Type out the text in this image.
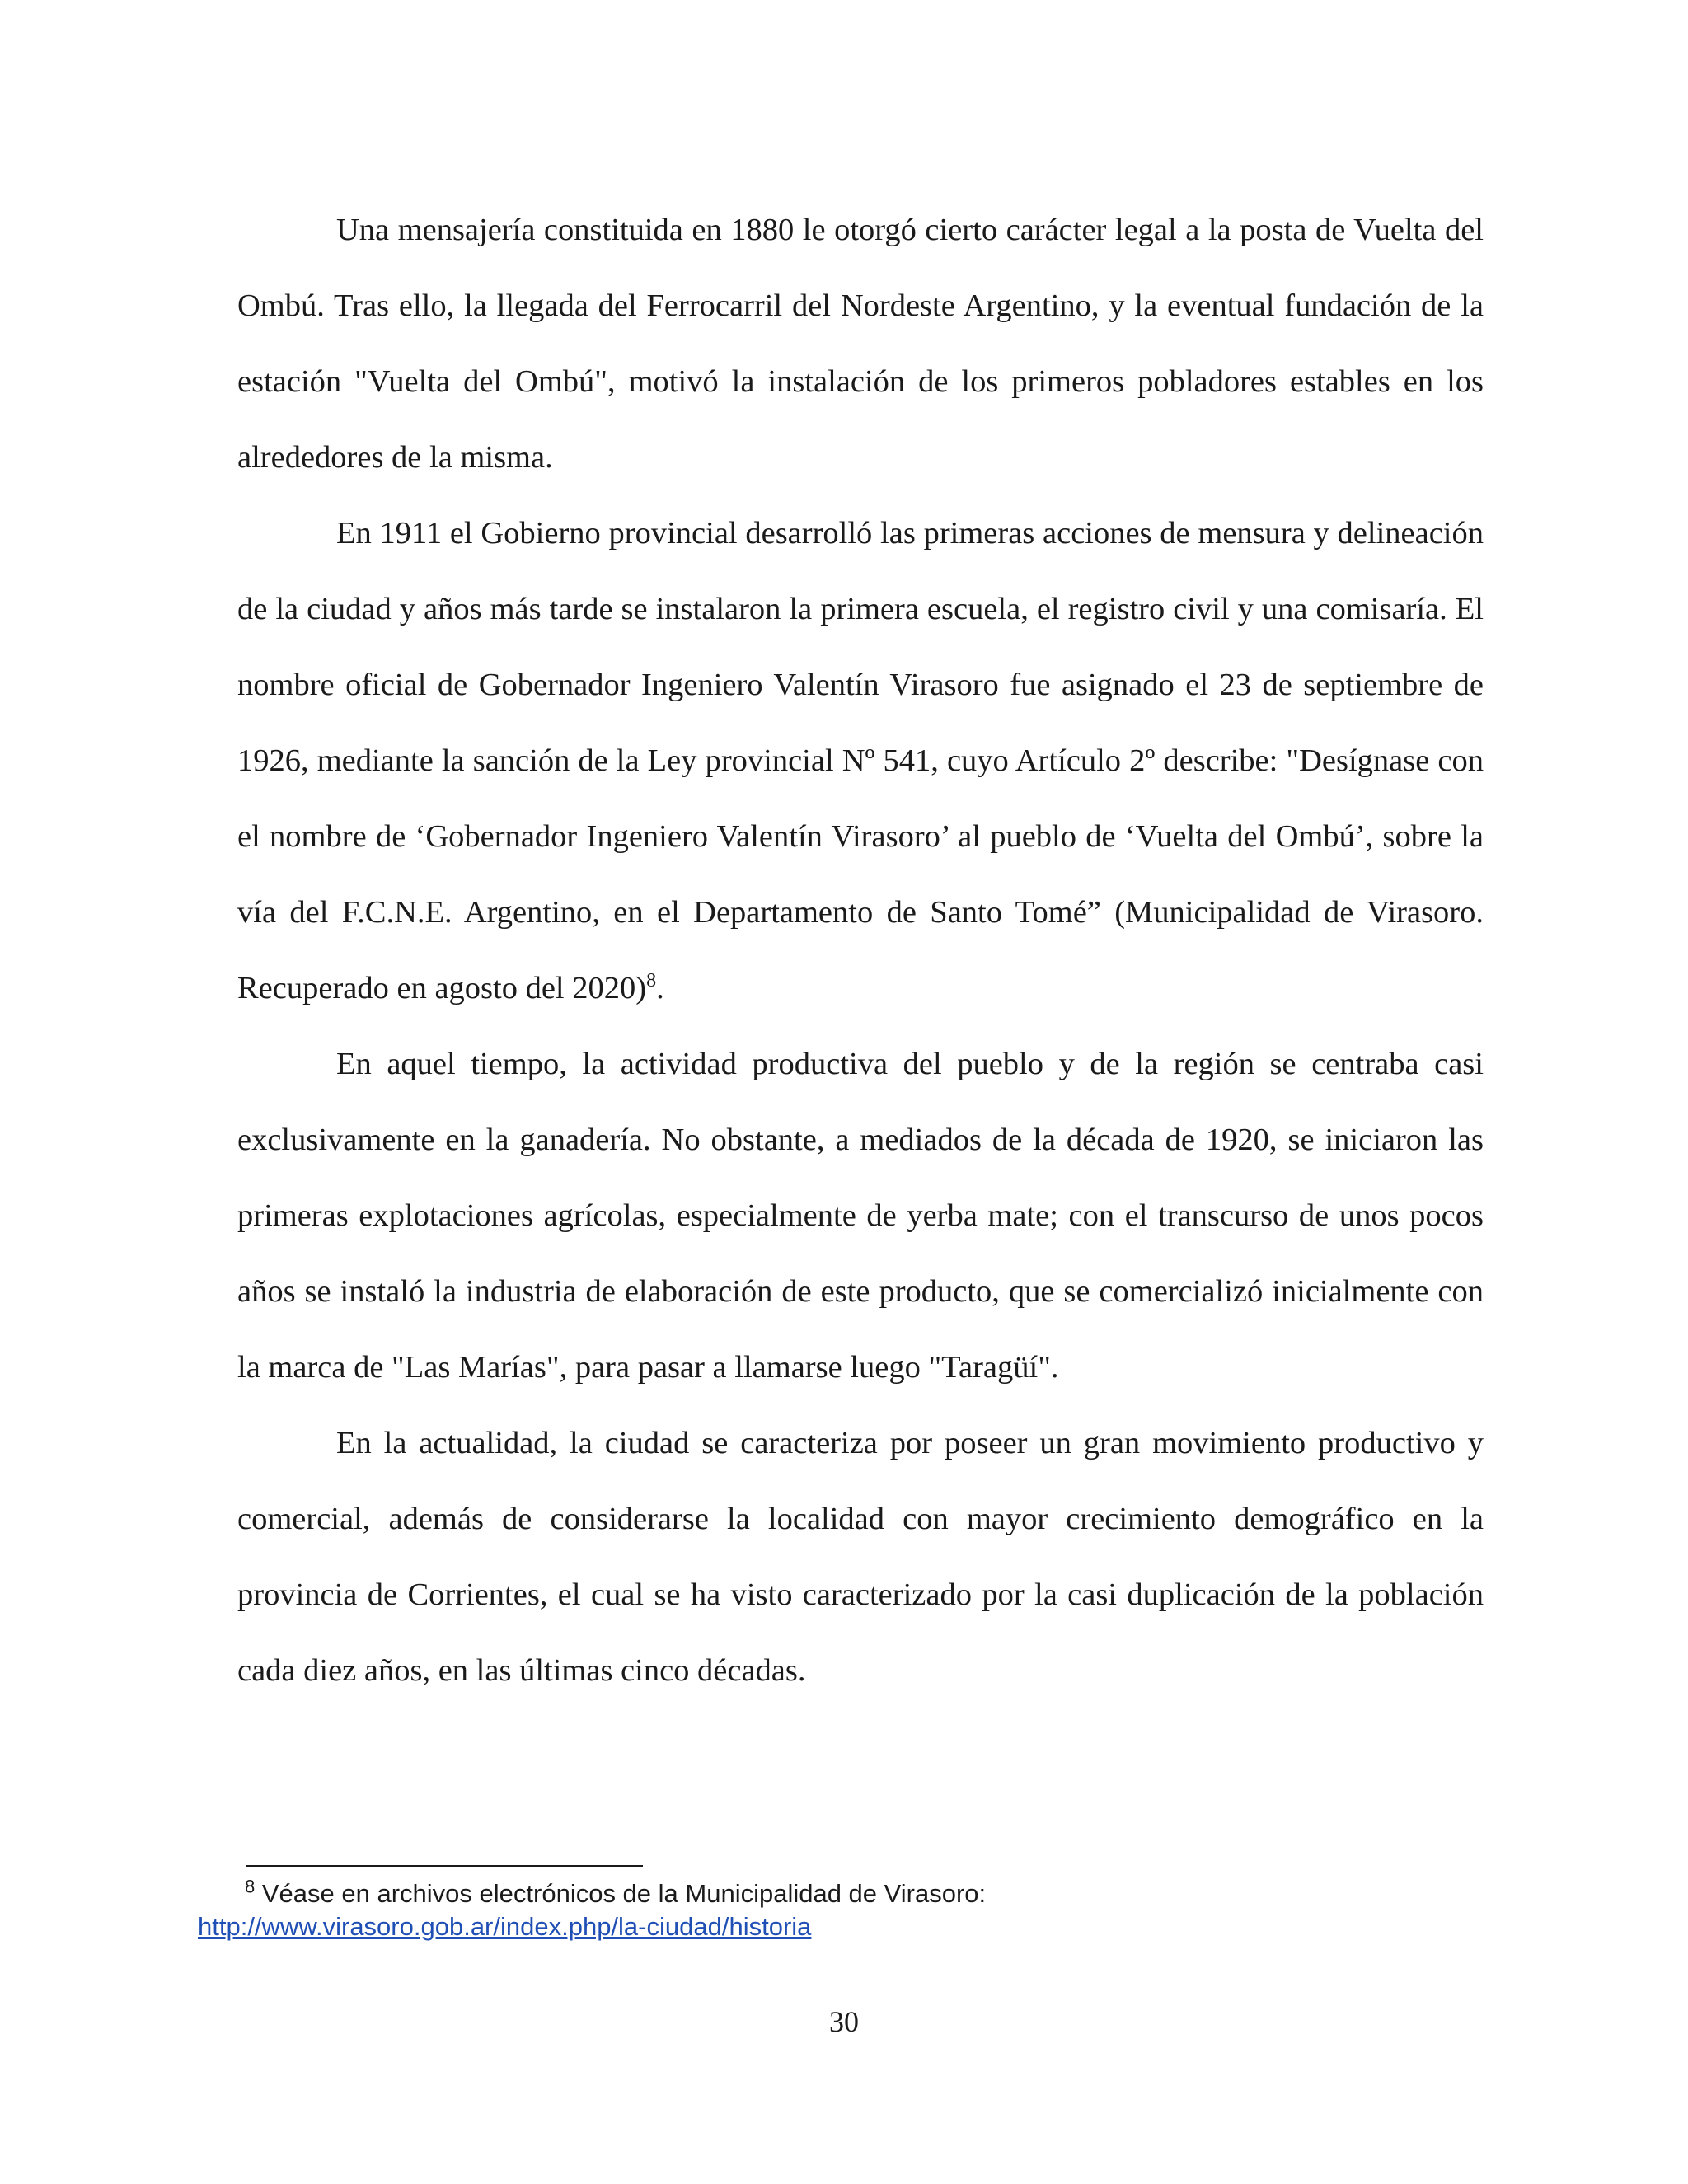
Una mensajería constituida en 1880 le otorgó cierto carácter legal a la posta de Vuelta del Ombú. Tras ello, la llegada del Ferrocarril del Nordeste Argentino, y la eventual fundación de la estación "Vuelta del Ombú", motivó la instalación de los primeros pobladores estables en los alrededores de la misma.

En 1911 el Gobierno provincial desarrolló las primeras acciones de mensura y delineación de la ciudad y años más tarde se instalaron la primera escuela, el registro civil y una comisaría. El nombre oficial de Gobernador Ingeniero Valentín Virasoro fue asignado el 23 de septiembre de 1926, mediante la sanción de la Ley provincial Nº 541, cuyo Artículo 2º describe: "Desígnase con el nombre de ‘Gobernador Ingeniero Valentín Virasoro’ al pueblo de ‘Vuelta del Ombú’, sobre la vía del F.C.N.E. Argentino, en el Departamento de Santo Tomé” (Municipalidad de Virasoro. Recuperado en agosto del 2020)$^8$.

En aquel tiempo, la actividad productiva del pueblo y de la región se centraba casi exclusivamente en la ganadería. No obstante, a mediados de la década de 1920, se iniciaron las primeras explotaciones agrícolas, especialmente de yerba mate; con el transcurso de unos pocos años se instaló la industria de elaboración de este producto, que se comercializó inicialmente con la marca de "Las Marías", para pasar a llamarse luego "Taragüí".

En la actualidad, la ciudad se caracteriza por poseer un gran movimiento productivo y comercial, además de considerarse la localidad con mayor crecimiento demográfico en la provincia de Corrientes, el cual se ha visto caracterizado por la casi duplicación de la población cada diez años, en las últimas cinco décadas.

$^8$ Véase en archivos electrónicos de la Municipalidad de Virasoro:
http://www.virasoro.gob.ar/index.php/la-ciudad/historia
30
